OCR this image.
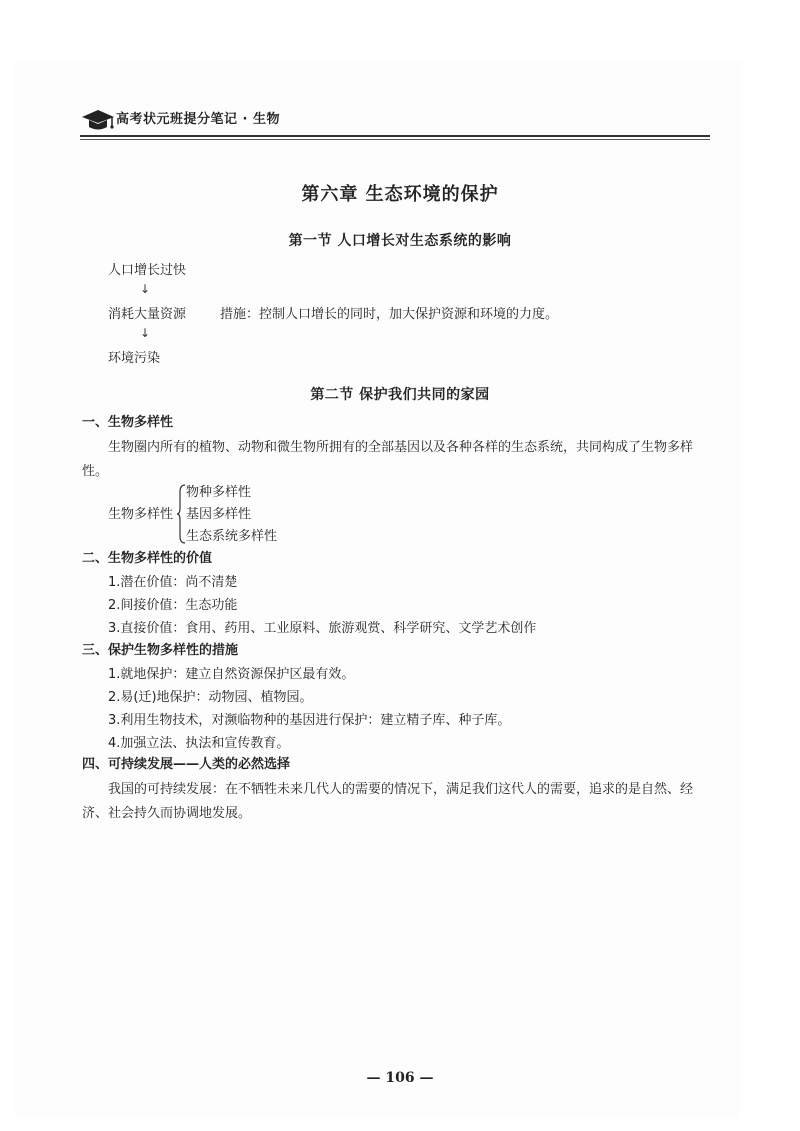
高考状元班提分笔记 · 生物
第六章 生态环境的保护
第一节 人口增长对生态系统的影响
人口增长过快
↓
消耗大量资源	措施：控制人口增长的同时，加大保护资源和环境的力度。
↓
环境污染
第二节 保护我们共同的家园
一、生物多样性
生物圈内所有的植物、动物和微生物所拥有的全部基因以及各种各样的生态系统，共同构成了生物多样性。
生物多样性
物种多样性
基因多样性
生态系统多样性
二、生物多样性的价值
1.潜在价值：尚不清楚
2.间接价值：生态功能
3.直接价值：食用、药用、工业原料、旅游观赏、科学研究、文学艺术创作
三、保护生物多样性的措施
1.就地保护：建立自然资源保护区最有效。
2.易(迁)地保护：动物园、植物园。
3.利用生物技术，对濒临物种的基因进行保护：建立精子库、种子库。
4.加强立法、执法和宣传教育。
四、可持续发展——人类的必然选择
我国的可持续发展：在不牺牲未来几代人的需要的情况下，满足我们这代人的需要，追求的是自然、经济、社会持久而协调地发展。
— 106 —
